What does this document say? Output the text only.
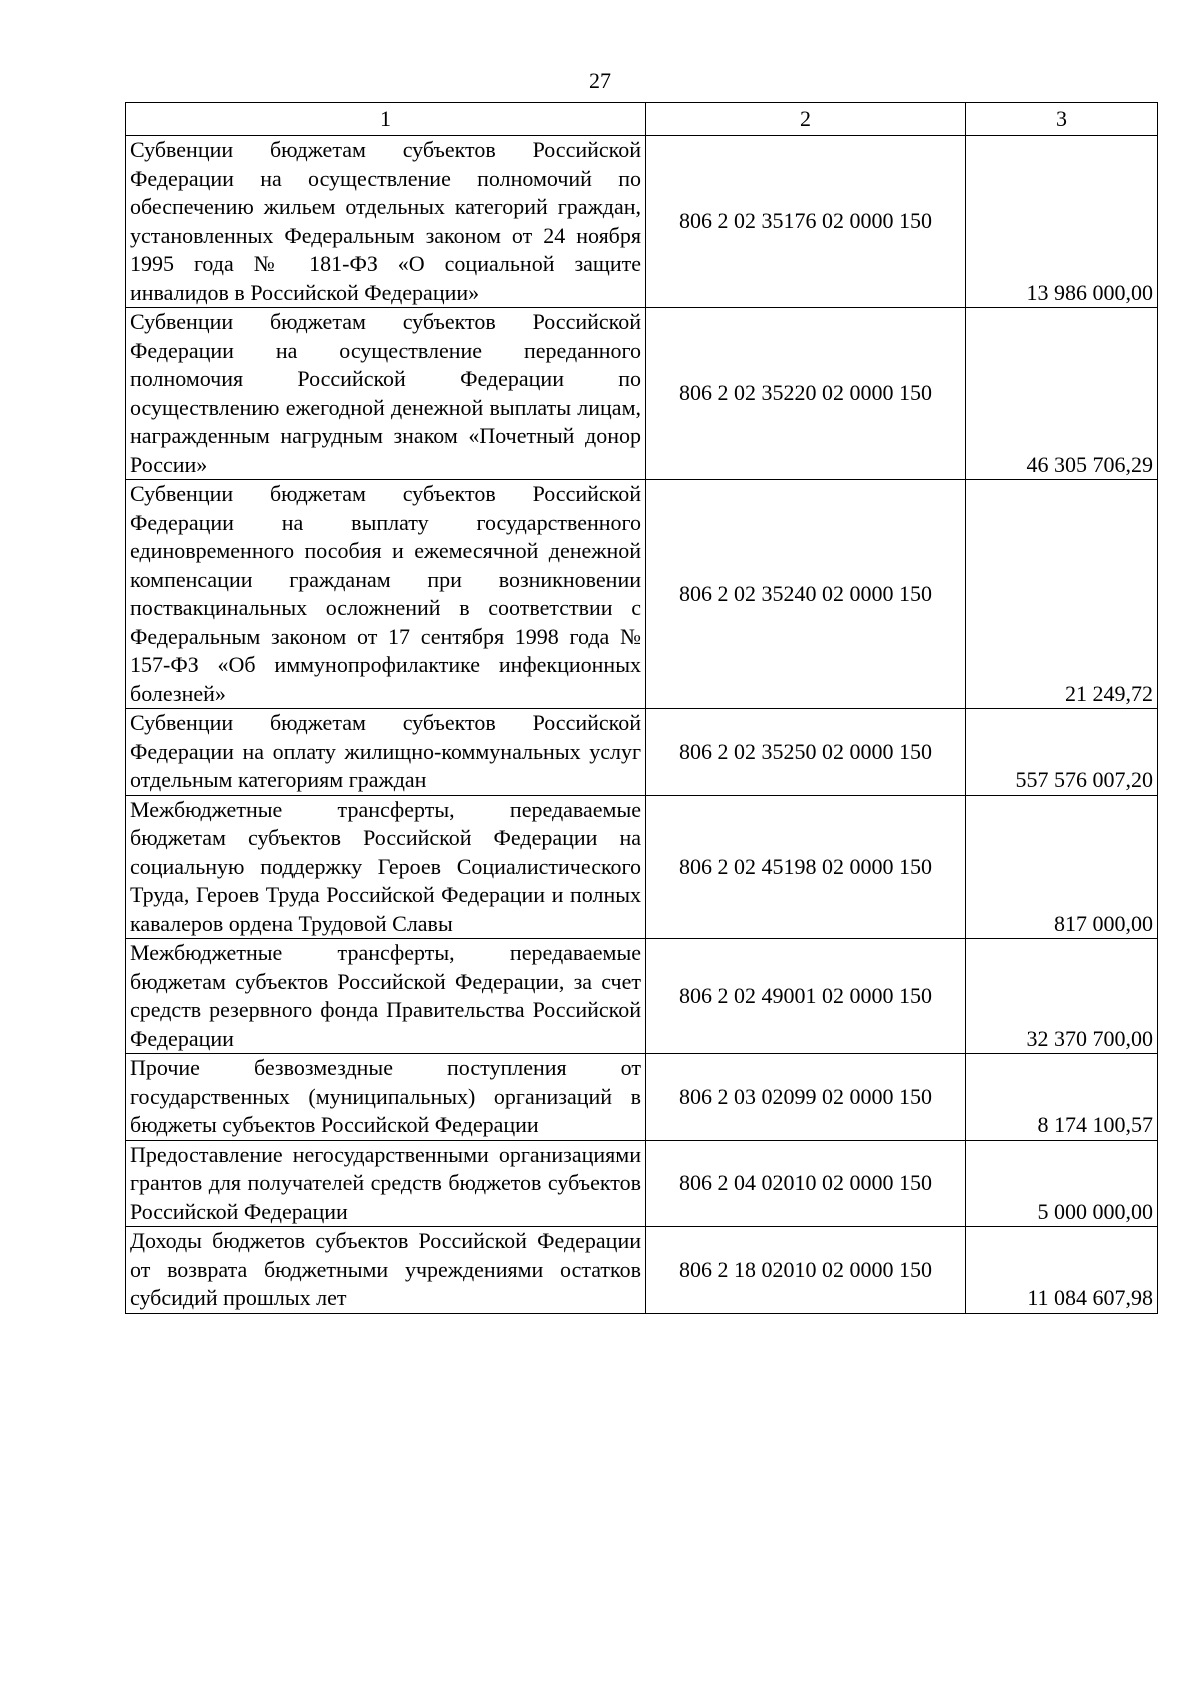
27
1	2	3
Субвенции бюджетам субъектов Российской Федерации на осуществление полномочий по обеспечению жильем отдельных категорий граждан, установленных Федеральным законом от 24 ноября 1995 года № 181-ФЗ «О социальной защите инвалидов в Российской Федерации»	806 2 02 35176 02 0000 150	13 986 000,00
Субвенции бюджетам субъектов Российской Федерации на осуществление переданного полномочия Российской Федерации по осуществлению ежегодной денежной выплаты лицам, награжденным нагрудным знаком «Почетный донор России»	806 2 02 35220 02 0000 150	46 305 706,29
Субвенции бюджетам субъектов Российской Федерации на выплату государственного единовременного пособия и ежемесячной денежной компенсации гражданам при возникновении поствакцинальных осложнений в соответствии с Федеральным законом от 17 сентября 1998 года № 157-ФЗ «Об иммунопрофилактике инфекционных болезней»	806 2 02 35240 02 0000 150	21 249,72
Субвенции бюджетам субъектов Российской Федерации на оплату жилищно-коммунальных услуг отдельным категориям граждан	806 2 02 35250 02 0000 150	557 576 007,20
Межбюджетные трансферты, передаваемые бюджетам субъектов Российской Федерации на социальную поддержку Героев Социалистического Труда, Героев Труда Российской Федерации и полных кавалеров ордена Трудовой Славы	806 2 02 45198 02 0000 150	817 000,00
Межбюджетные трансферты, передаваемые бюджетам субъектов Российской Федерации, за счет средств резервного фонда Правительства Российской Федерации	806 2 02 49001 02 0000 150	32 370 700,00
Прочие безвозмездные поступления от государственных (муниципальных) организаций в бюджеты субъектов Российской Федерации	806 2 03 02099 02 0000 150	8 174 100,57
Предоставление негосударственными организациями грантов для получателей средств бюджетов субъектов Российской Федерации	806 2 04 02010 02 0000 150	5 000 000,00
Доходы бюджетов субъектов Российской Федерации от возврата бюджетными учреждениями остатков субсидий прошлых лет	806 2 18 02010 02 0000 150	11 084 607,98
